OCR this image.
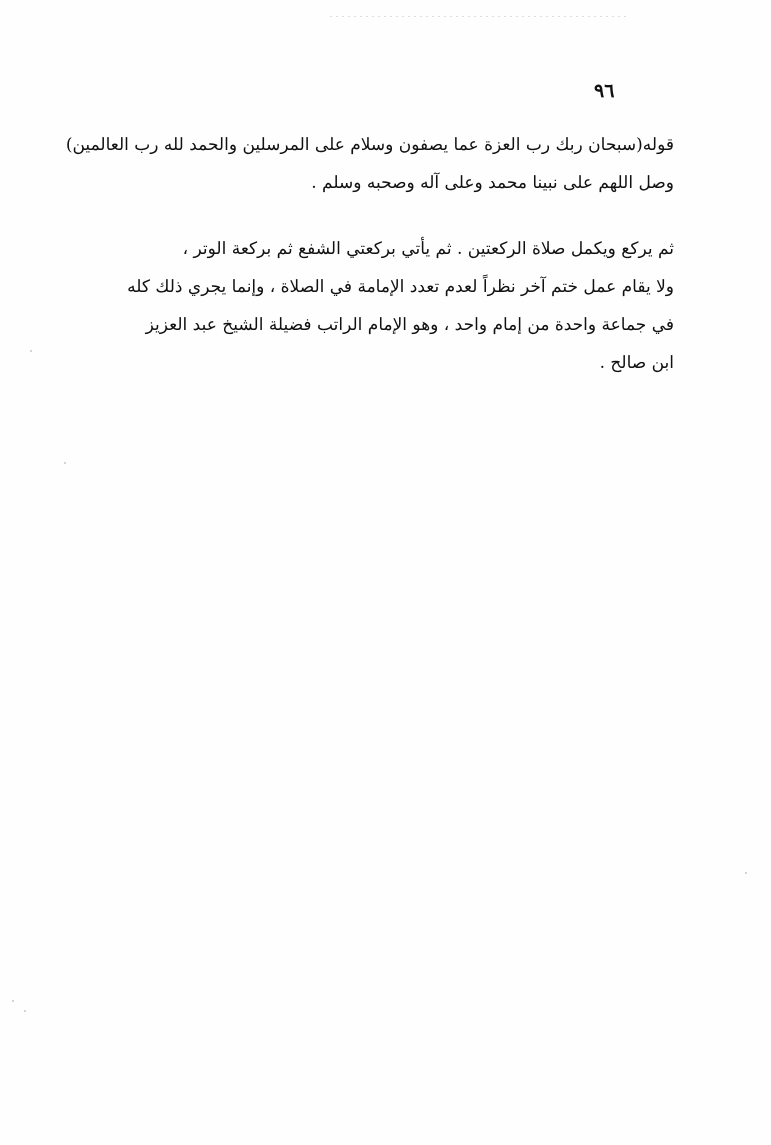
٩٦
قوله(سبحان ربك رب العزة عما يصفون وسلام على المرسلين والحمد لله رب العالمين)
وصل اللهم على نبينا محمد وعلى آله وصحبه وسلم .
ثم يركع ويكمل صلاة الركعتين . ثم يأتي بركعتي الشفع ثم بركعة الوتر ،
ولا يقام عمل ختم آخر نظراً لعدم تعدد الإمامة في الصلاة ، وإنما يجري ذلك كله
في جماعة واحدة من إمام واحد ، وهو الإمام الراتب فضيلة الشيخ عبد العزيز
ابن صالح .
